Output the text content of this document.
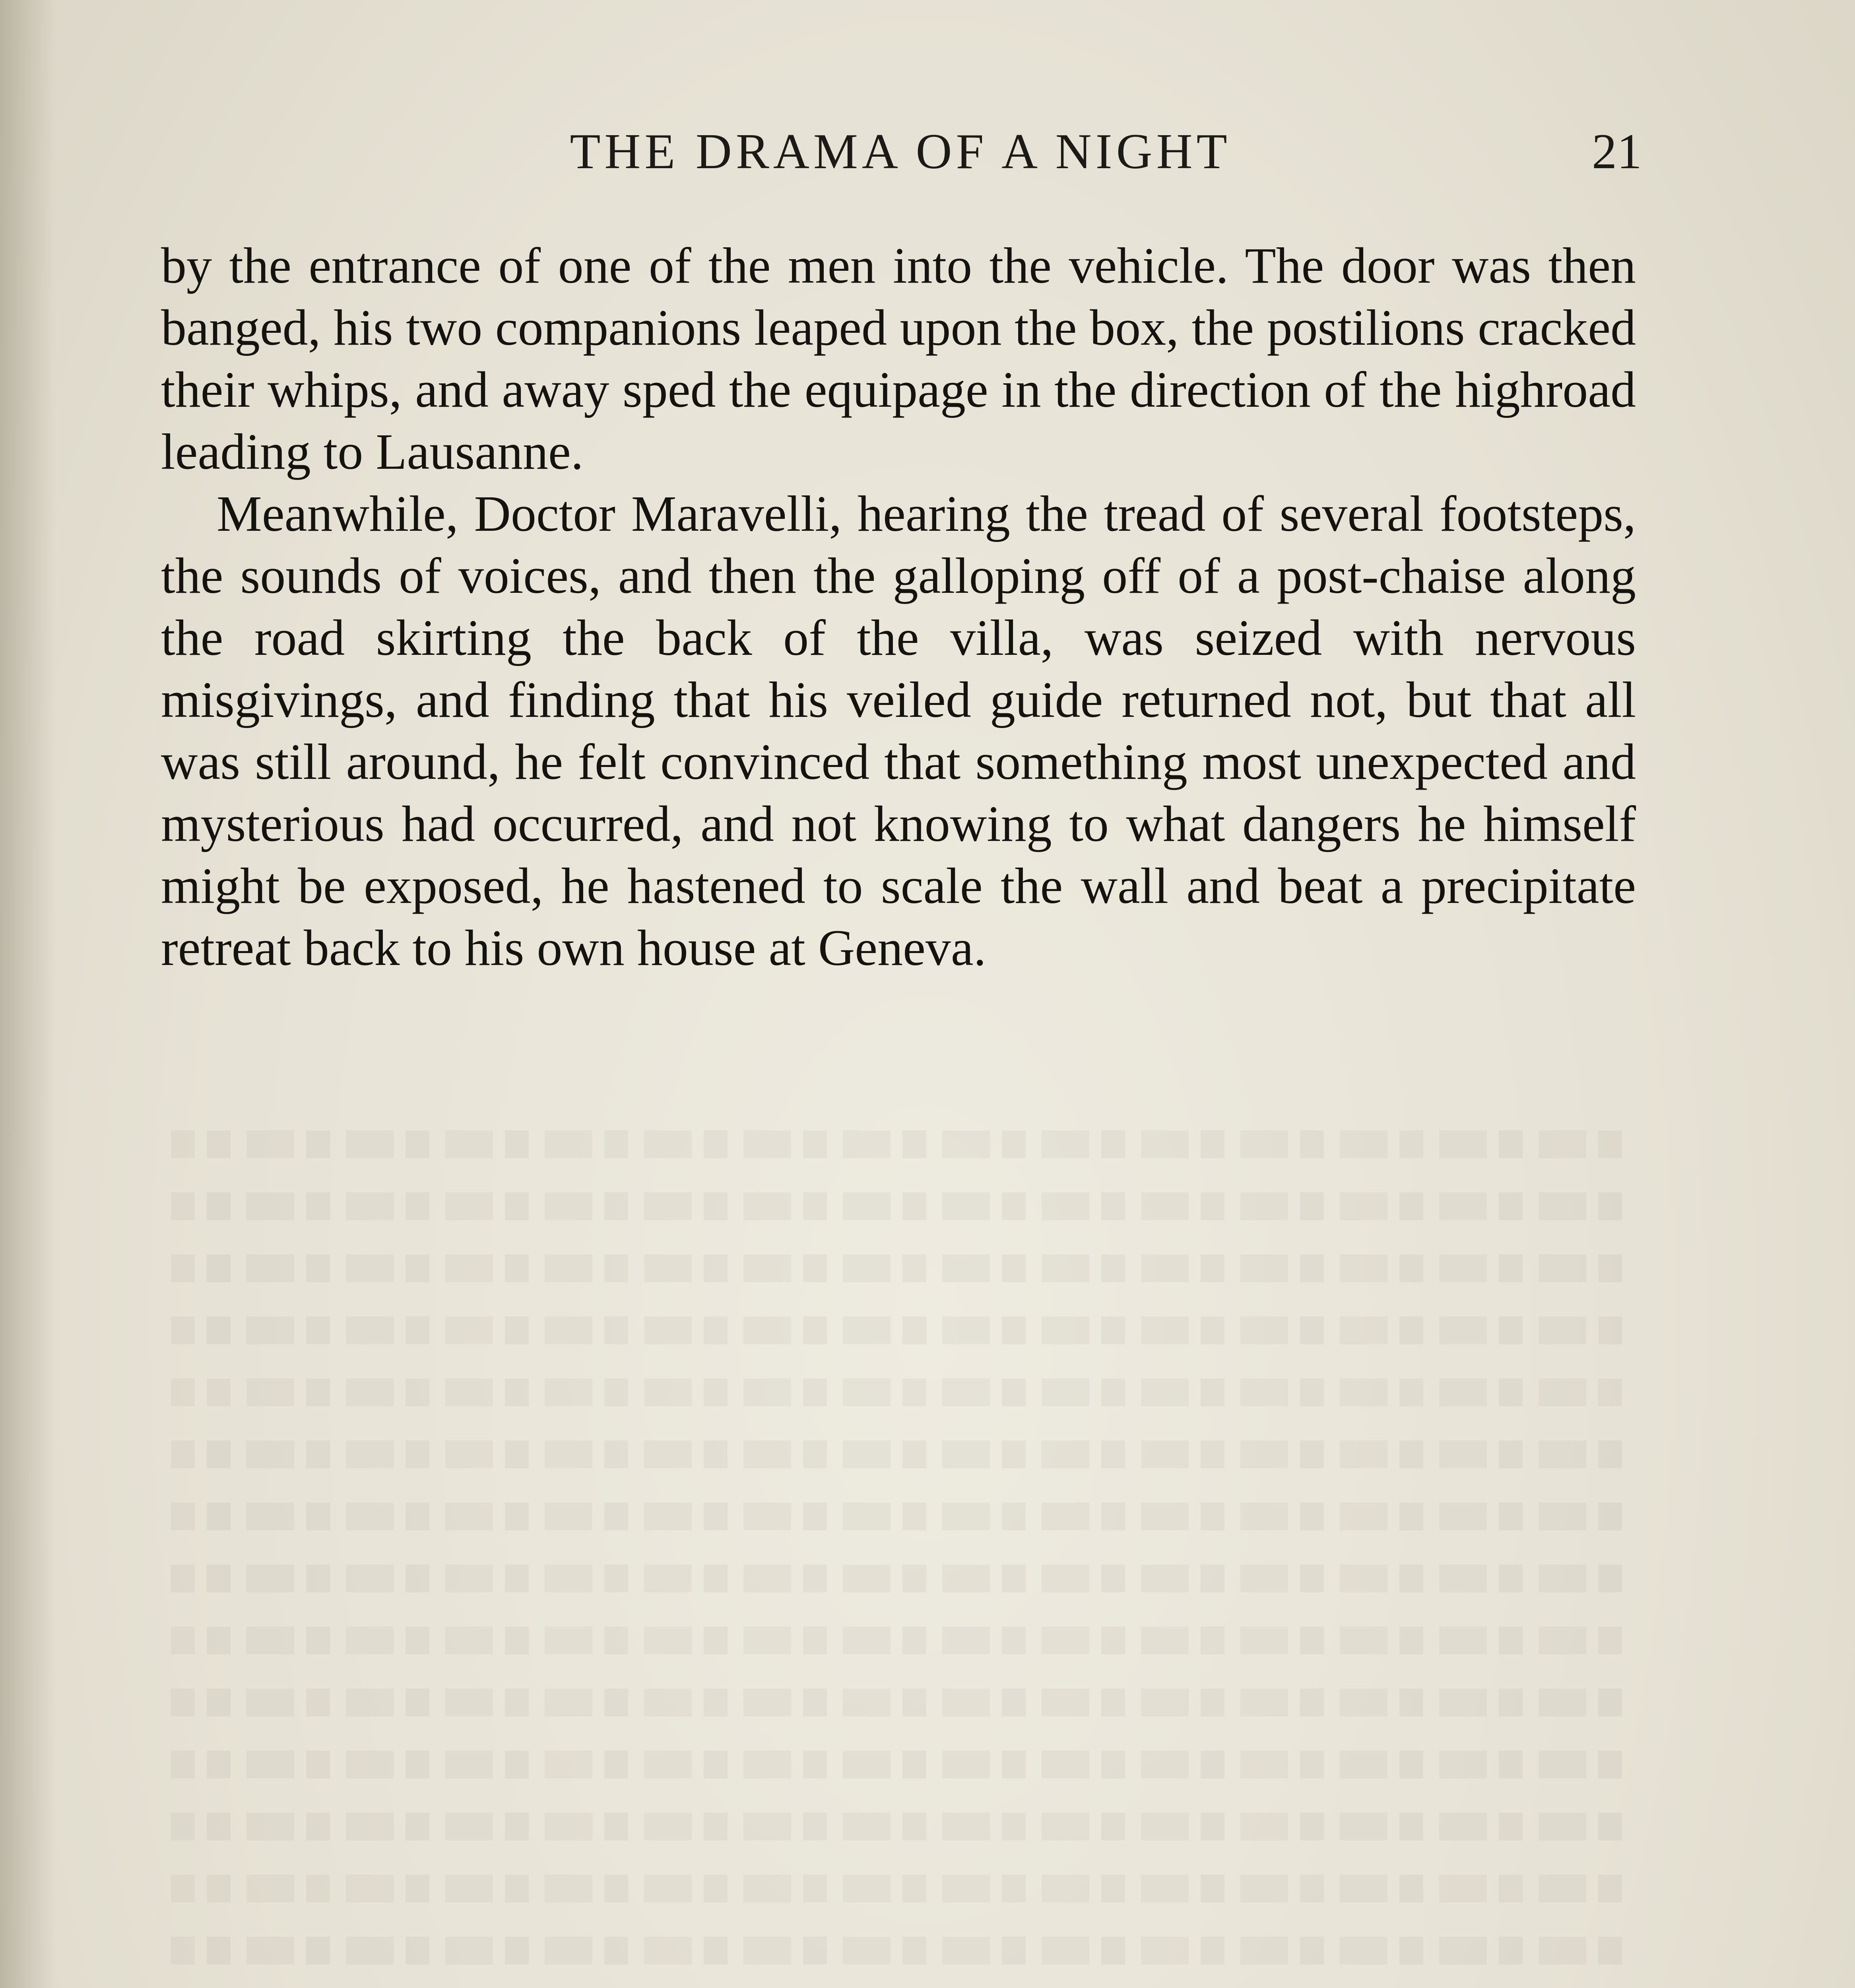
THE DRAMA OF A NIGHT	21

by the entrance of one of the men into the vehicle. The door was then banged, his two companions leaped upon the box, the postilions cracked their whips, and away sped the equipage in the direction of the highroad leading to Lausanne.

Meanwhile, Doctor Maravelli, hearing the tread of several footsteps, the sounds of voices, and then the galloping off of a post-chaise along the road skirting the back of the villa, was seized with nervous misgivings, and finding that his veiled guide returned not, but that all was still around, he felt convinced that something most unexpected and mysterious had occurred, and not knowing to what dangers he himself might be exposed, he hastened to scale the wall and beat a precipitate retreat back to his own house at Geneva.
